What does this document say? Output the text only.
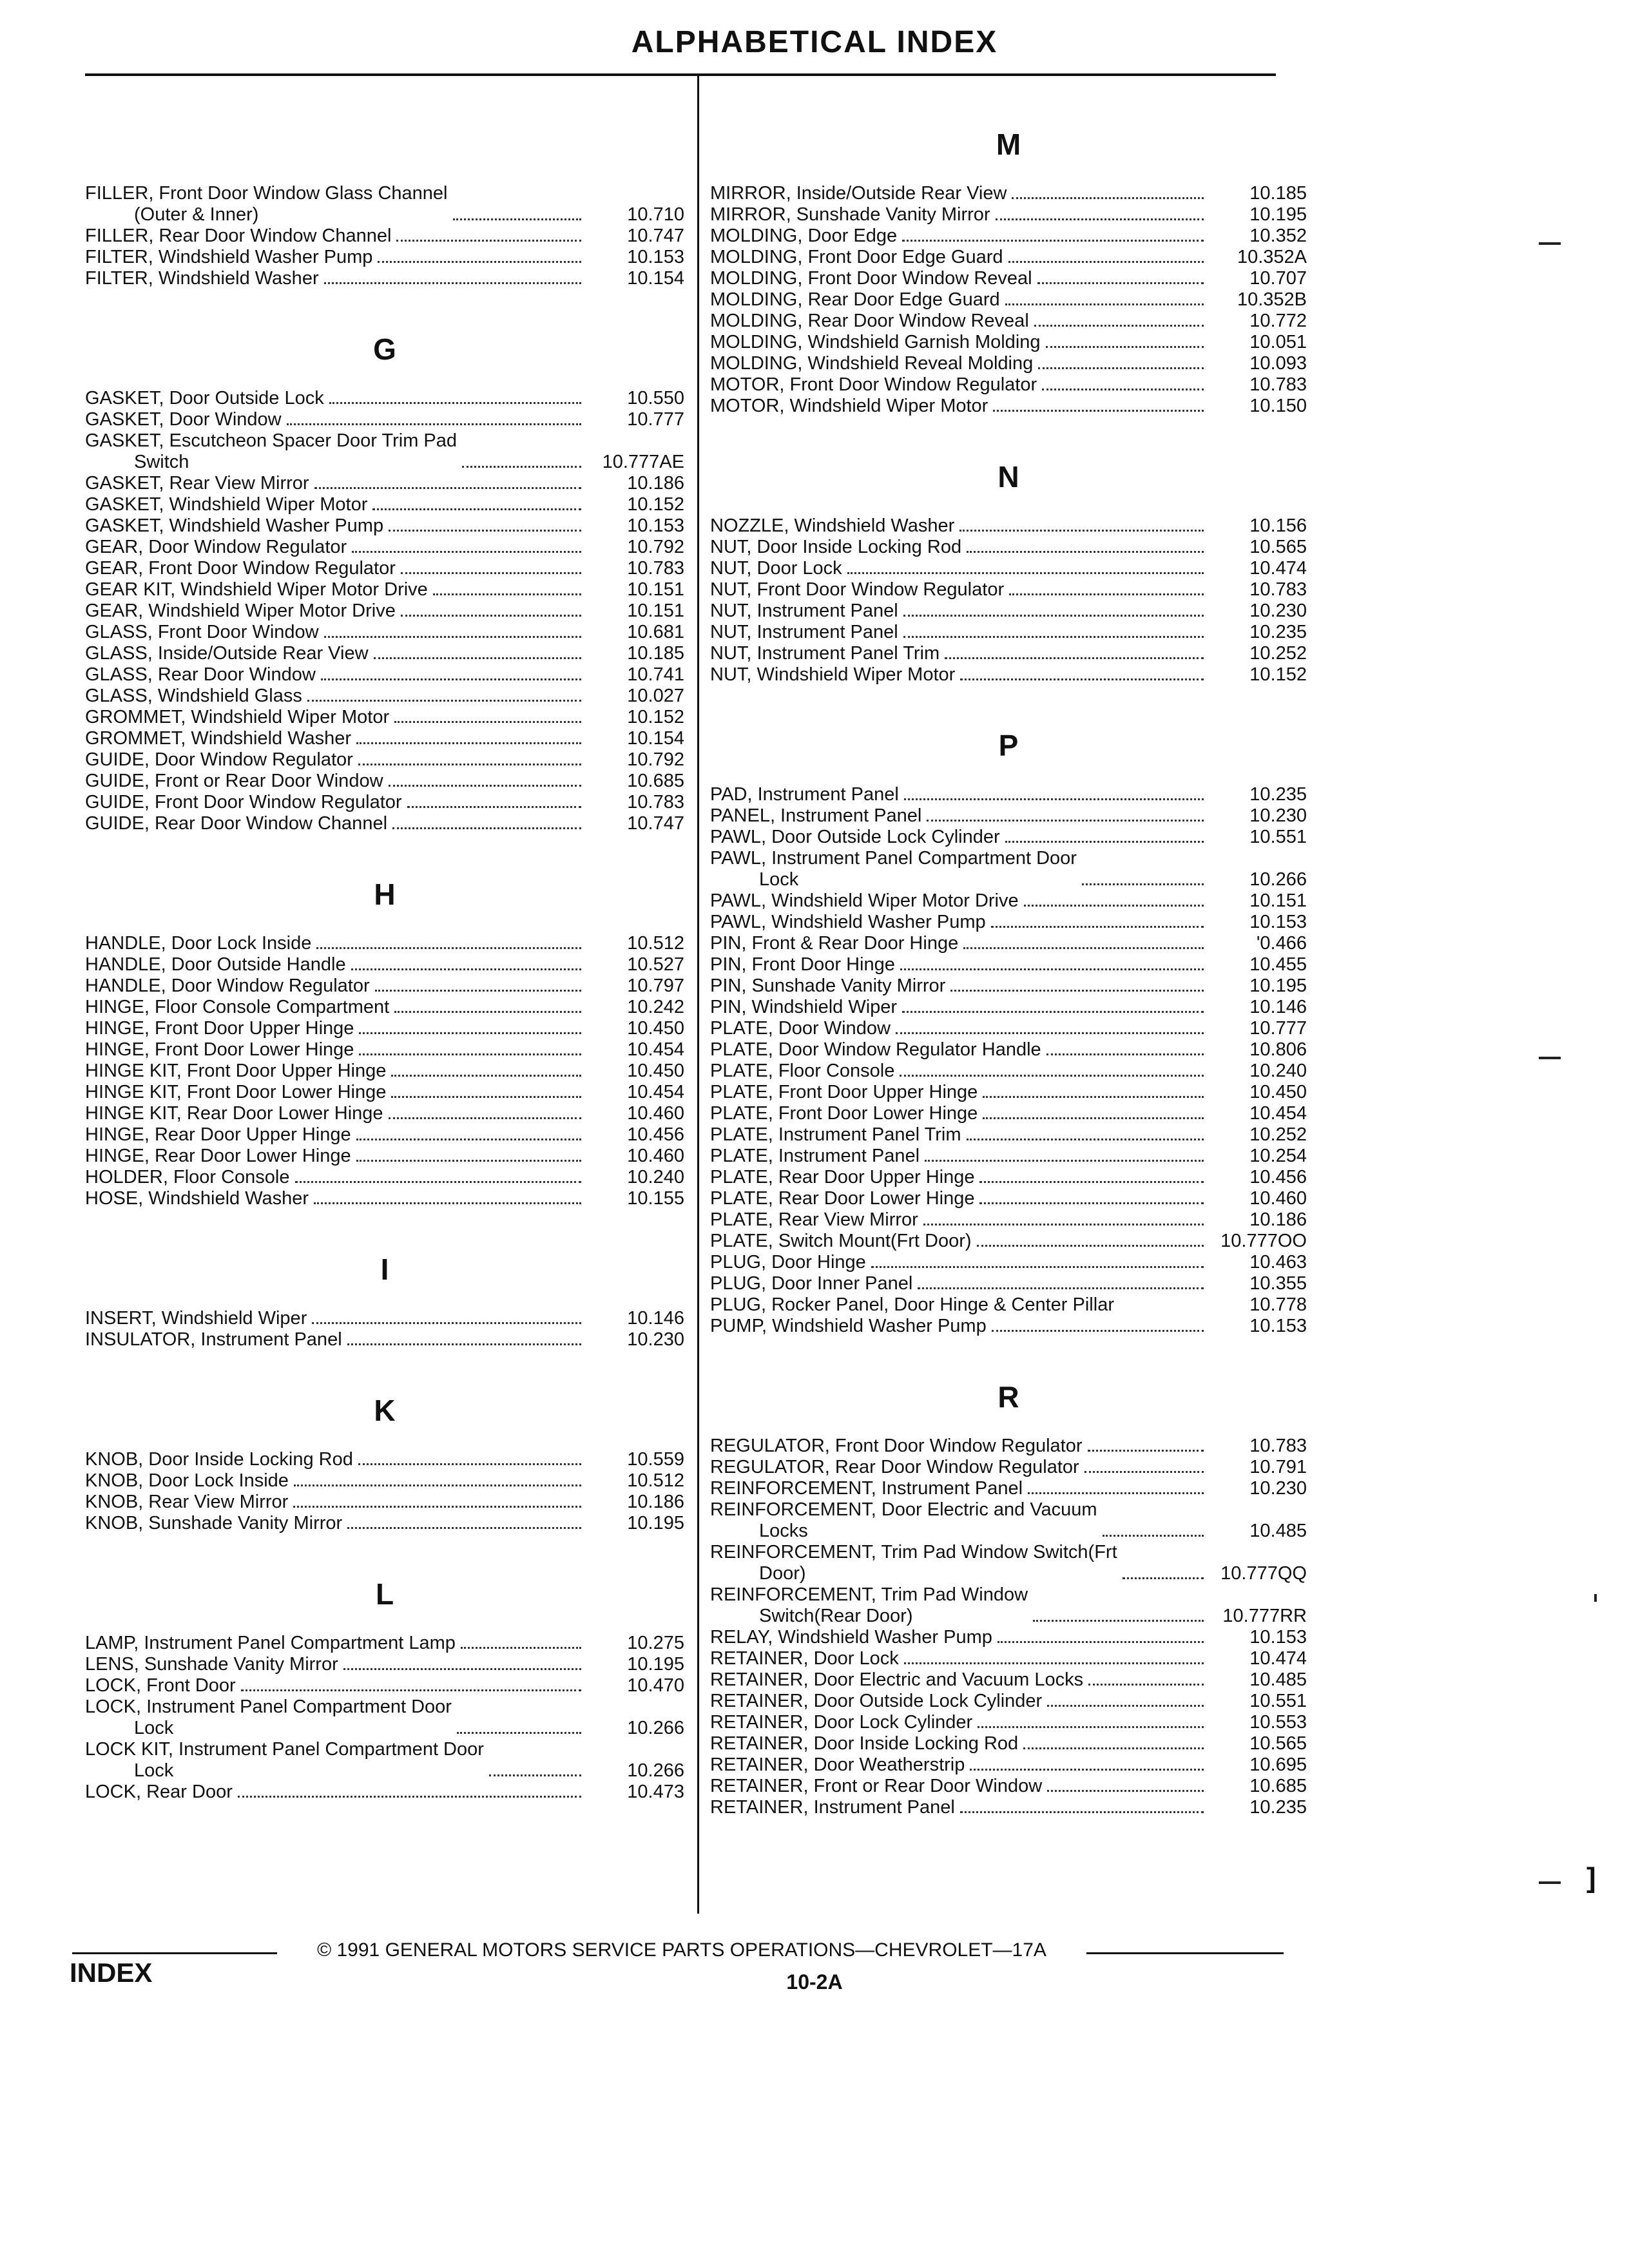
ALPHABETICAL INDEX
FILLER, Front Door Window Glass Channel
(Outer & Inner)	10.710
FILLER, Rear Door Window Channel	10.747
FILTER, Windshield Washer Pump	10.153
FILTER, Windshield Washer	10.154
G
GASKET, Door Outside Lock	10.550
GASKET, Door Window	10.777
GASKET, Escutcheon Spacer Door Trim Pad
Switch	10.777AE
GASKET, Rear View Mirror	10.186
GASKET, Windshield Wiper Motor	10.152
GASKET, Windshield Washer Pump	10.153
GEAR, Door Window Regulator	10.792
GEAR, Front Door Window Regulator	10.783
GEAR KIT, Windshield Wiper Motor Drive	10.151
GEAR, Windshield Wiper Motor Drive	10.151
GLASS, Front Door Window	10.681
GLASS, Inside/Outside Rear View	10.185
GLASS, Rear Door Window	10.741
GLASS, Windshield Glass	10.027
GROMMET, Windshield Wiper Motor	10.152
GROMMET, Windshield Washer	10.154
GUIDE, Door Window Regulator	10.792
GUIDE, Front or Rear Door Window	10.685
GUIDE, Front Door Window Regulator	10.783
GUIDE, Rear Door Window Channel	10.747
H
HANDLE, Door Lock Inside	10.512
HANDLE, Door Outside Handle	10.527
HANDLE, Door Window Regulator	10.797
HINGE, Floor Console Compartment	10.242
HINGE, Front Door Upper Hinge	10.450
HINGE, Front Door Lower Hinge	10.454
HINGE KIT, Front Door Upper Hinge	10.450
HINGE KIT, Front Door Lower Hinge	10.454
HINGE KIT, Rear Door Lower Hinge	10.460
HINGE, Rear Door Upper Hinge	10.456
HINGE, Rear Door Lower Hinge	10.460
HOLDER, Floor Console	10.240
HOSE, Windshield Washer	10.155
I
INSERT, Windshield Wiper	10.146
INSULATOR, Instrument Panel	10.230
K
KNOB, Door Inside Locking Rod	10.559
KNOB, Door Lock Inside	10.512
KNOB, Rear View Mirror	10.186
KNOB, Sunshade Vanity Mirror	10.195
L
LAMP, Instrument Panel Compartment Lamp	10.275
LENS, Sunshade Vanity Mirror	10.195
LOCK, Front Door	10.470
LOCK, Instrument Panel Compartment Door
Lock	10.266
LOCK KIT, Instrument Panel Compartment Door
Lock	10.266
LOCK, Rear Door	10.473
M
MIRROR, Inside/Outside Rear View	10.185
MIRROR, Sunshade Vanity Mirror	10.195
MOLDING, Door Edge	10.352
MOLDING, Front Door Edge Guard	10.352A
MOLDING, Front Door Window Reveal	10.707
MOLDING, Rear Door Edge Guard	10.352B
MOLDING, Rear Door Window Reveal	10.772
MOLDING, Windshield Garnish Molding	10.051
MOLDING, Windshield Reveal Molding	10.093
MOTOR, Front Door Window Regulator	10.783
MOTOR, Windshield Wiper Motor	10.150
N
NOZZLE, Windshield Washer	10.156
NUT, Door Inside Locking Rod	10.565
NUT, Door Lock	10.474
NUT, Front Door Window Regulator	10.783
NUT, Instrument Panel	10.230
NUT, Instrument Panel	10.235
NUT, Instrument Panel Trim	10.252
NUT, Windshield Wiper Motor	10.152
P
PAD, Instrument Panel	10.235
PANEL, Instrument Panel	10.230
PAWL, Door Outside Lock Cylinder	10.551
PAWL, Instrument Panel Compartment Door
Lock	10.266
PAWL, Windshield Wiper Motor Drive	10.151
PAWL, Windshield Washer Pump	10.153
PIN, Front & Rear Door Hinge	'0.466
PIN, Front Door Hinge	10.455
PIN, Sunshade Vanity Mirror	10.195
PIN, Windshield Wiper	10.146
PLATE, Door Window	10.777
PLATE, Door Window Regulator Handle	10.806
PLATE, Floor Console	10.240
PLATE, Front Door Upper Hinge	10.450
PLATE, Front Door Lower Hinge	10.454
PLATE, Instrument Panel Trim	10.252
PLATE, Instrument Panel	10.254
PLATE, Rear Door Upper Hinge	10.456
PLATE, Rear Door Lower Hinge	10.460
PLATE, Rear View Mirror	10.186
PLATE, Switch Mount(Frt Door)	10.777OO
PLUG, Door Hinge	10.463
PLUG, Door Inner Panel	10.355
PLUG, Rocker Panel, Door Hinge & Center Pillar	10.778
PUMP, Windshield Washer Pump	10.153
R
REGULATOR, Front Door Window Regulator	10.783
REGULATOR, Rear Door Window Regulator	10.791
REINFORCEMENT, Instrument Panel	10.230
REINFORCEMENT, Door Electric and Vacuum
Locks	10.485
REINFORCEMENT, Trim Pad Window Switch(Frt
Door)	10.777QQ
REINFORCEMENT, Trim Pad Window
Switch(Rear Door)	10.777RR
RELAY, Windshield Washer Pump	10.153
RETAINER, Door Lock	10.474
RETAINER, Door Electric and Vacuum Locks	10.485
RETAINER, Door Outside Lock Cylinder	10.551
RETAINER, Door Lock Cylinder	10.553
RETAINER, Door Inside Locking Rod	10.565
RETAINER, Door Weatherstrip	10.695
RETAINER, Front or Rear Door Window	10.685
RETAINER, Instrument Panel	10.235
© 1991 GENERAL MOTORS SERVICE PARTS OPERATIONS—CHEVROLET—17A
INDEX	10-2A
]
